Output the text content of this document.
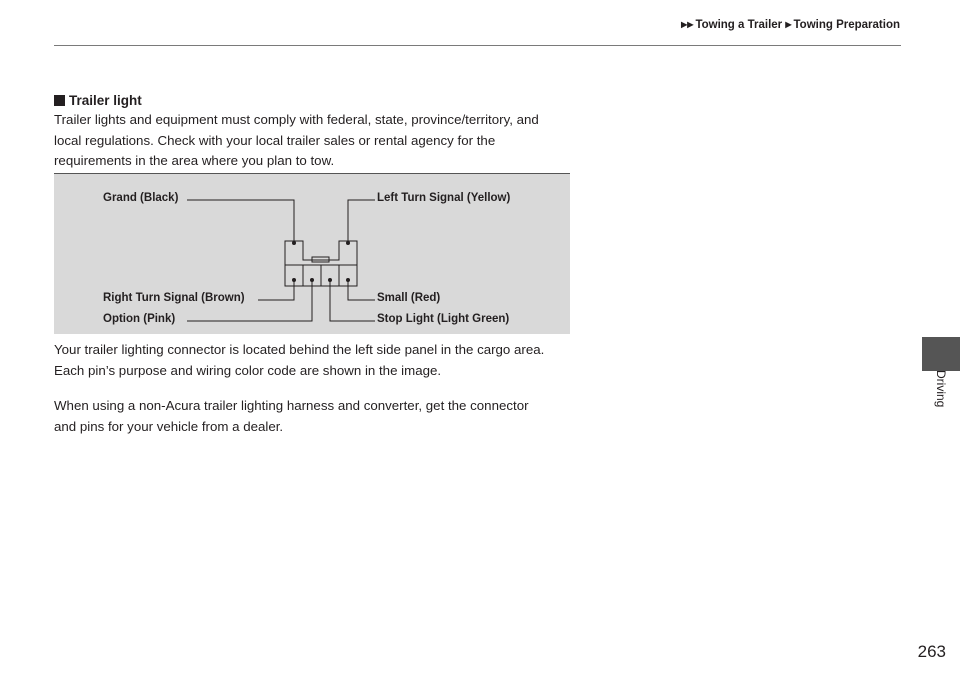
▶▶ Towing a Trailer ▶ Towing Preparation
Trailer light
Trailer lights and equipment must comply with federal, state, province/territory, and
local regulations. Check with your local trailer sales or rental agency for the
requirements in the area where you plan to tow.
Grand (Black)	Left Turn Signal (Yellow)
Right Turn Signal (Brown)	Small (Red)
Option (Pink)	Stop Light (Light Green)
Your trailer lighting connector is located behind the left side panel in the cargo area.
Each pin’s purpose and wiring color code are shown in the image.
When using a non-Acura trailer lighting harness and converter, get the connector
and pins for your vehicle from a dealer.
Driving
263
